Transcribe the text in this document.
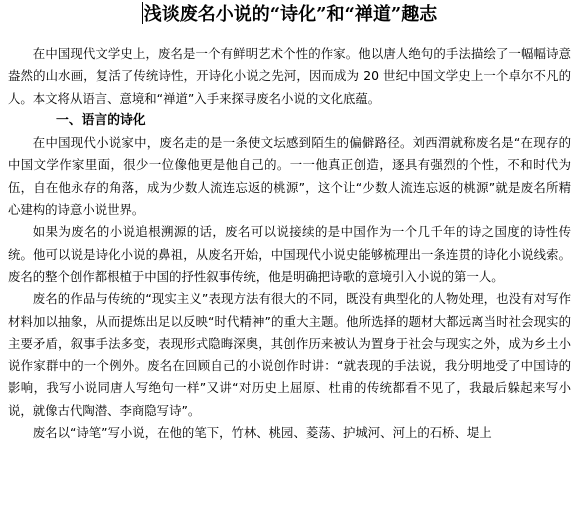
浅谈废名小说的“诗化”和“禅道”趣志

在中国现代文学史上，废名是一个有鲜明艺术个性的作家。他以唐人绝句的手法描绘了一幅幅诗意盎然的山水画，复活了传统诗性，开诗化小说之先河，因而成为 20 世纪中国文学史上一个卓尔不凡的人。本文将从语言、意境和“禅道”入手来探寻废名小说的文化底蕴。

一、语言的诗化

在中国现代小说家中，废名走的是一条使文坛感到陌生的偏僻路径。刘西渭就称废名是“在现存的中国文学作家里面，很少一位像他更是他自己的。一一他真正创造，逐具有强烈的个性，不和时代为伍，自在他永存的角落，成为少数人流连忘返的桃源”，这个让“少数人流连忘返的桃源”就是废名所精心建构的诗意小说世界。

如果为废名的小说追根溯源的话，废名可以说接续的是中国作为一个几千年的诗之国度的诗性传统。他可以说是诗化小说的鼻祖，从废名开始，中国现代小说史能够梳理出一条连贯的诗化小说线索。废名的整个创作都根植于中国的抒性叙事传统，他是明确把诗歌的意境引入小说的第一人。

废名的作品与传统的“现实主义”表现方法有很大的不同，既没有典型化的人物处理，也没有对写作材料加以抽象，从而提炼出足以反映“时代精神”的重大主题。他所选择的题材大都远离当时社会现实的主要矛盾，叙事手法多变，表现形式隐晦深奥，其创作历来被认为置身于社会与现实之外，成为乡土小说作家群中的一个例外。废名在回顾自己的小说创作时讲：“就表现的手法说，我分明地受了中国诗的影响，我写小说同唐人写绝句一样”又讲“对历史上屈原、杜甫的传统都看不见了，我最后躲起来写小说，就像古代陶潜、李商隐写诗”。

废名以“诗笔”写小说，在他的笔下，竹林、桃园、菱荡、护城河、河上的石桥、堤上
